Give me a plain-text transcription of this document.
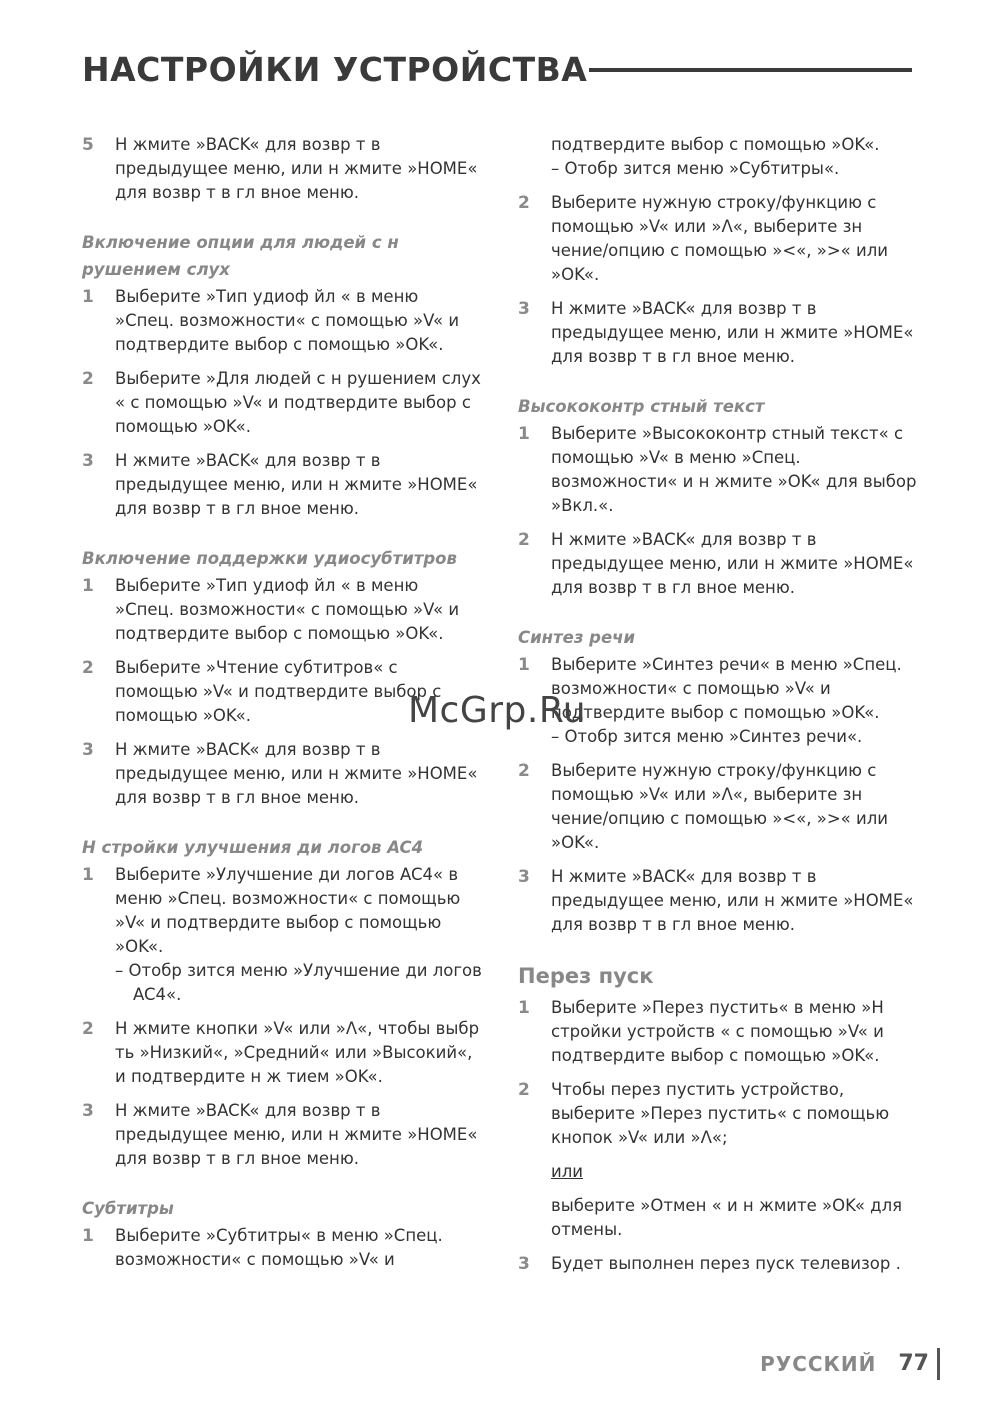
НАСТРОЙКИ УСТРОЙСТВА
5 Н жмите »BACK« для возвр т в предыдущее меню, или н жмите »HOME« для возвр т в гл вное меню.

Включение опции для людей с н рушением слух
1 Выберите »Тип удиоф йл « в меню »Спец. возможности« с помощью »V« и подтвердите выбор с помощью »OK«.

2 Выберите »Для людей с н рушением слух « с помощью »V« и подтвердите выбор с помощью »OK«.

3 Н жмите »BACK« для возвр т в предыдущее меню, или н жмите »HOME« для возвр т в гл вное меню.

Включение поддержки удиосубтитров
1 Выберите »Тип удиоф йл « в меню »Спец. возможности« с помощью »V« и подтвердите выбор с помощью »OK«.

2 Выберите »Чтение субтитров« с помощью »V« и подтвердите выбор с помощью »OK«.

3 Н жмите »BACK« для возвр т в предыдущее меню, или н жмите »HOME« для возвр т в гл вное меню.

Н стройки улучшения ди логов AC4
1 Выберите »Улучшение ди логов AC4« в меню »Спец. возможности« с помощью »V« и подтвердите выбор с помощью »OK«.

– Отобр зится меню »Улучшение ди логов AC4«.

2 Н жмите кнопки »V« или »Λ«, чтобы выбр ть »Низкий«, »Средний« или »Высокий«, и подтвердите н ж тием »OK«.

3 Н жмите »BACK« для возвр т в предыдущее меню, или н жмите »HOME« для возвр т в гл вное меню.

Субтитры
1 Выберите »Субтитры« в меню »Спец. возможности« с помощью »V« и

подтвердите выбор с помощью »OK«.

– Отобр зится меню »Субтитры«.

2 Выберите нужную строку/функцию с помощью »V« или »Λ«, выберите зн чение/опцию с помощью »<«, »>« или »OK«.

3 Н жмите »BACK« для возвр т в предыдущее меню, или н жмите »HOME« для возвр т в гл вное меню.

Высококонтр стный текст
1 Выберите »Высококонтр стный текст« с помощью »V« в меню »Спец. возможности« и н жмите »OK« для выбор »Вкл.«.

2 Н жмите »BACK« для возвр т в предыдущее меню, или н жмите »HOME« для возвр т в гл вное меню.

Синтез речи
1 Выберите »Синтез речи« в меню »Спец. возможности« с помощью »V« и подтвердите выбор с помощью »OK«.

– Отобр зится меню »Синтез речи«.

2 Выберите нужную строку/функцию с помощью »V« или »Λ«, выберите зн чение/опцию с помощью »<«, »>« или »OK«.

3 Н жмите »BACK« для возвр т в предыдущее меню, или н жмите »HOME« для возвр т в гл вное меню.

Перез пуск
1 Выберите »Перез пустить« в меню »Н стройки устройств « с помощью »V« и подтвердите выбор с помощью »OK«.

2 Чтобы перез пустить устройство, выберите »Перез пустить« с помощью кнопок »V« или »Λ«;

или
выберите »Отмен « и н жмите »OK« для отмены.
3 Будет выполнен перез пуск телевизор .

McGrp.Ru
РУССКИЙ 77
